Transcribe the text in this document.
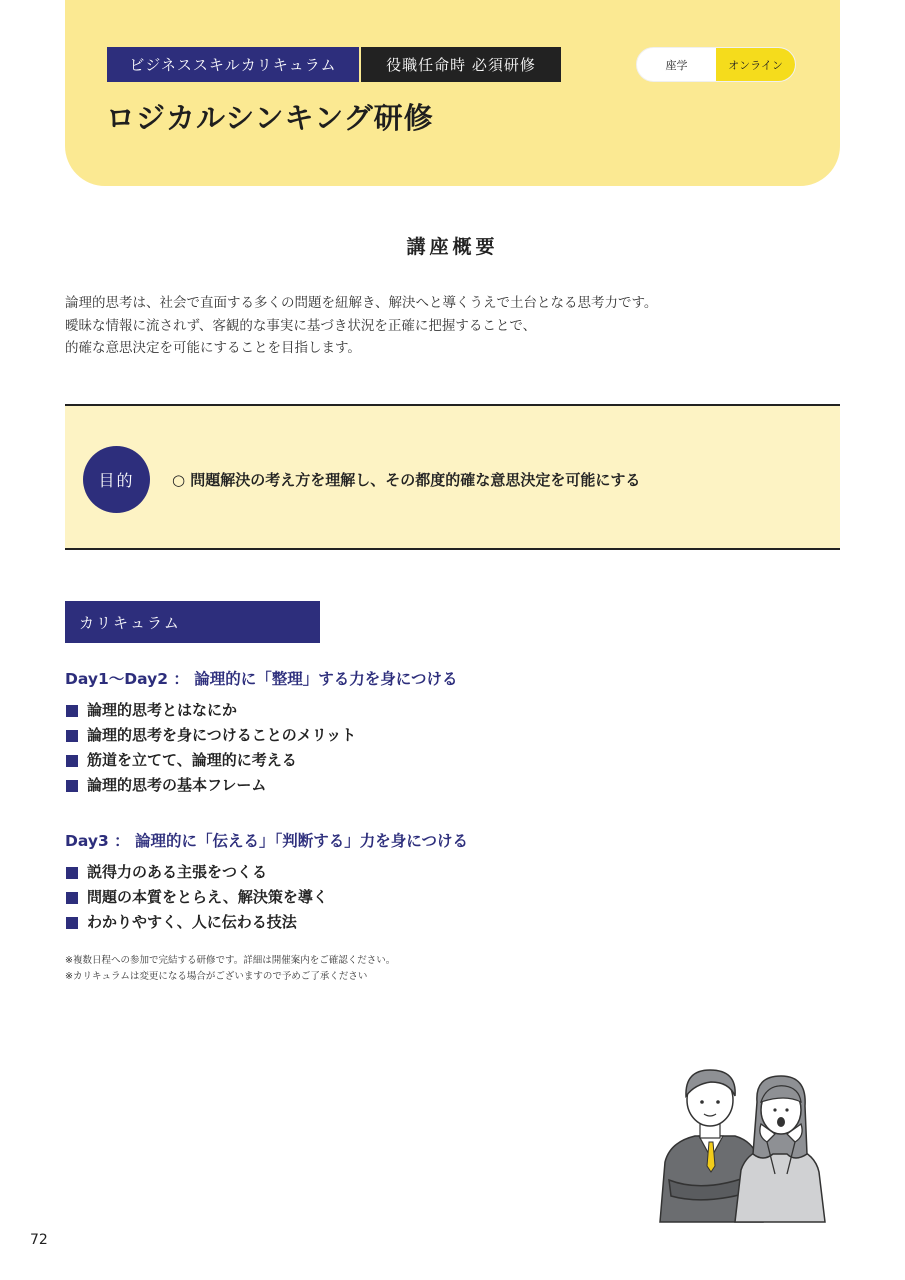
ビジネススキルカリキュラム	役職任命時 必須研修	座学	オンライン
ロジカルシンキング研修
講座概要
論理的思考は、社会で直面する多くの問題を紐解き、解決へと導くうえで土台となる思考力です。
曖昧な情報に流されず、客観的な事実に基づき状況を正確に把握することで、
的確な意思決定を可能にすることを目指します。
目的	○ 問題解決の考え方を理解し、その都度的確な意思決定を可能にする
カリキュラム
Day1〜Day2 ： 論理的に「整理」する力を身につける
論理的思考とはなにか
論理的思考を身につけることのメリット
筋道を立てて、論理的に考える
論理的思考の基本フレーム
Day3 ： 論理的に「伝える」「判断する」力を身につける
説得力のある主張をつくる
問題の本質をとらえ、解決策を導く
わかりやすく、人に伝わる技法
※複数日程への参加で完結する研修です。詳細は開催案内をご確認ください。
※カリキュラムは変更になる場合がございますので予めご了承ください
72
